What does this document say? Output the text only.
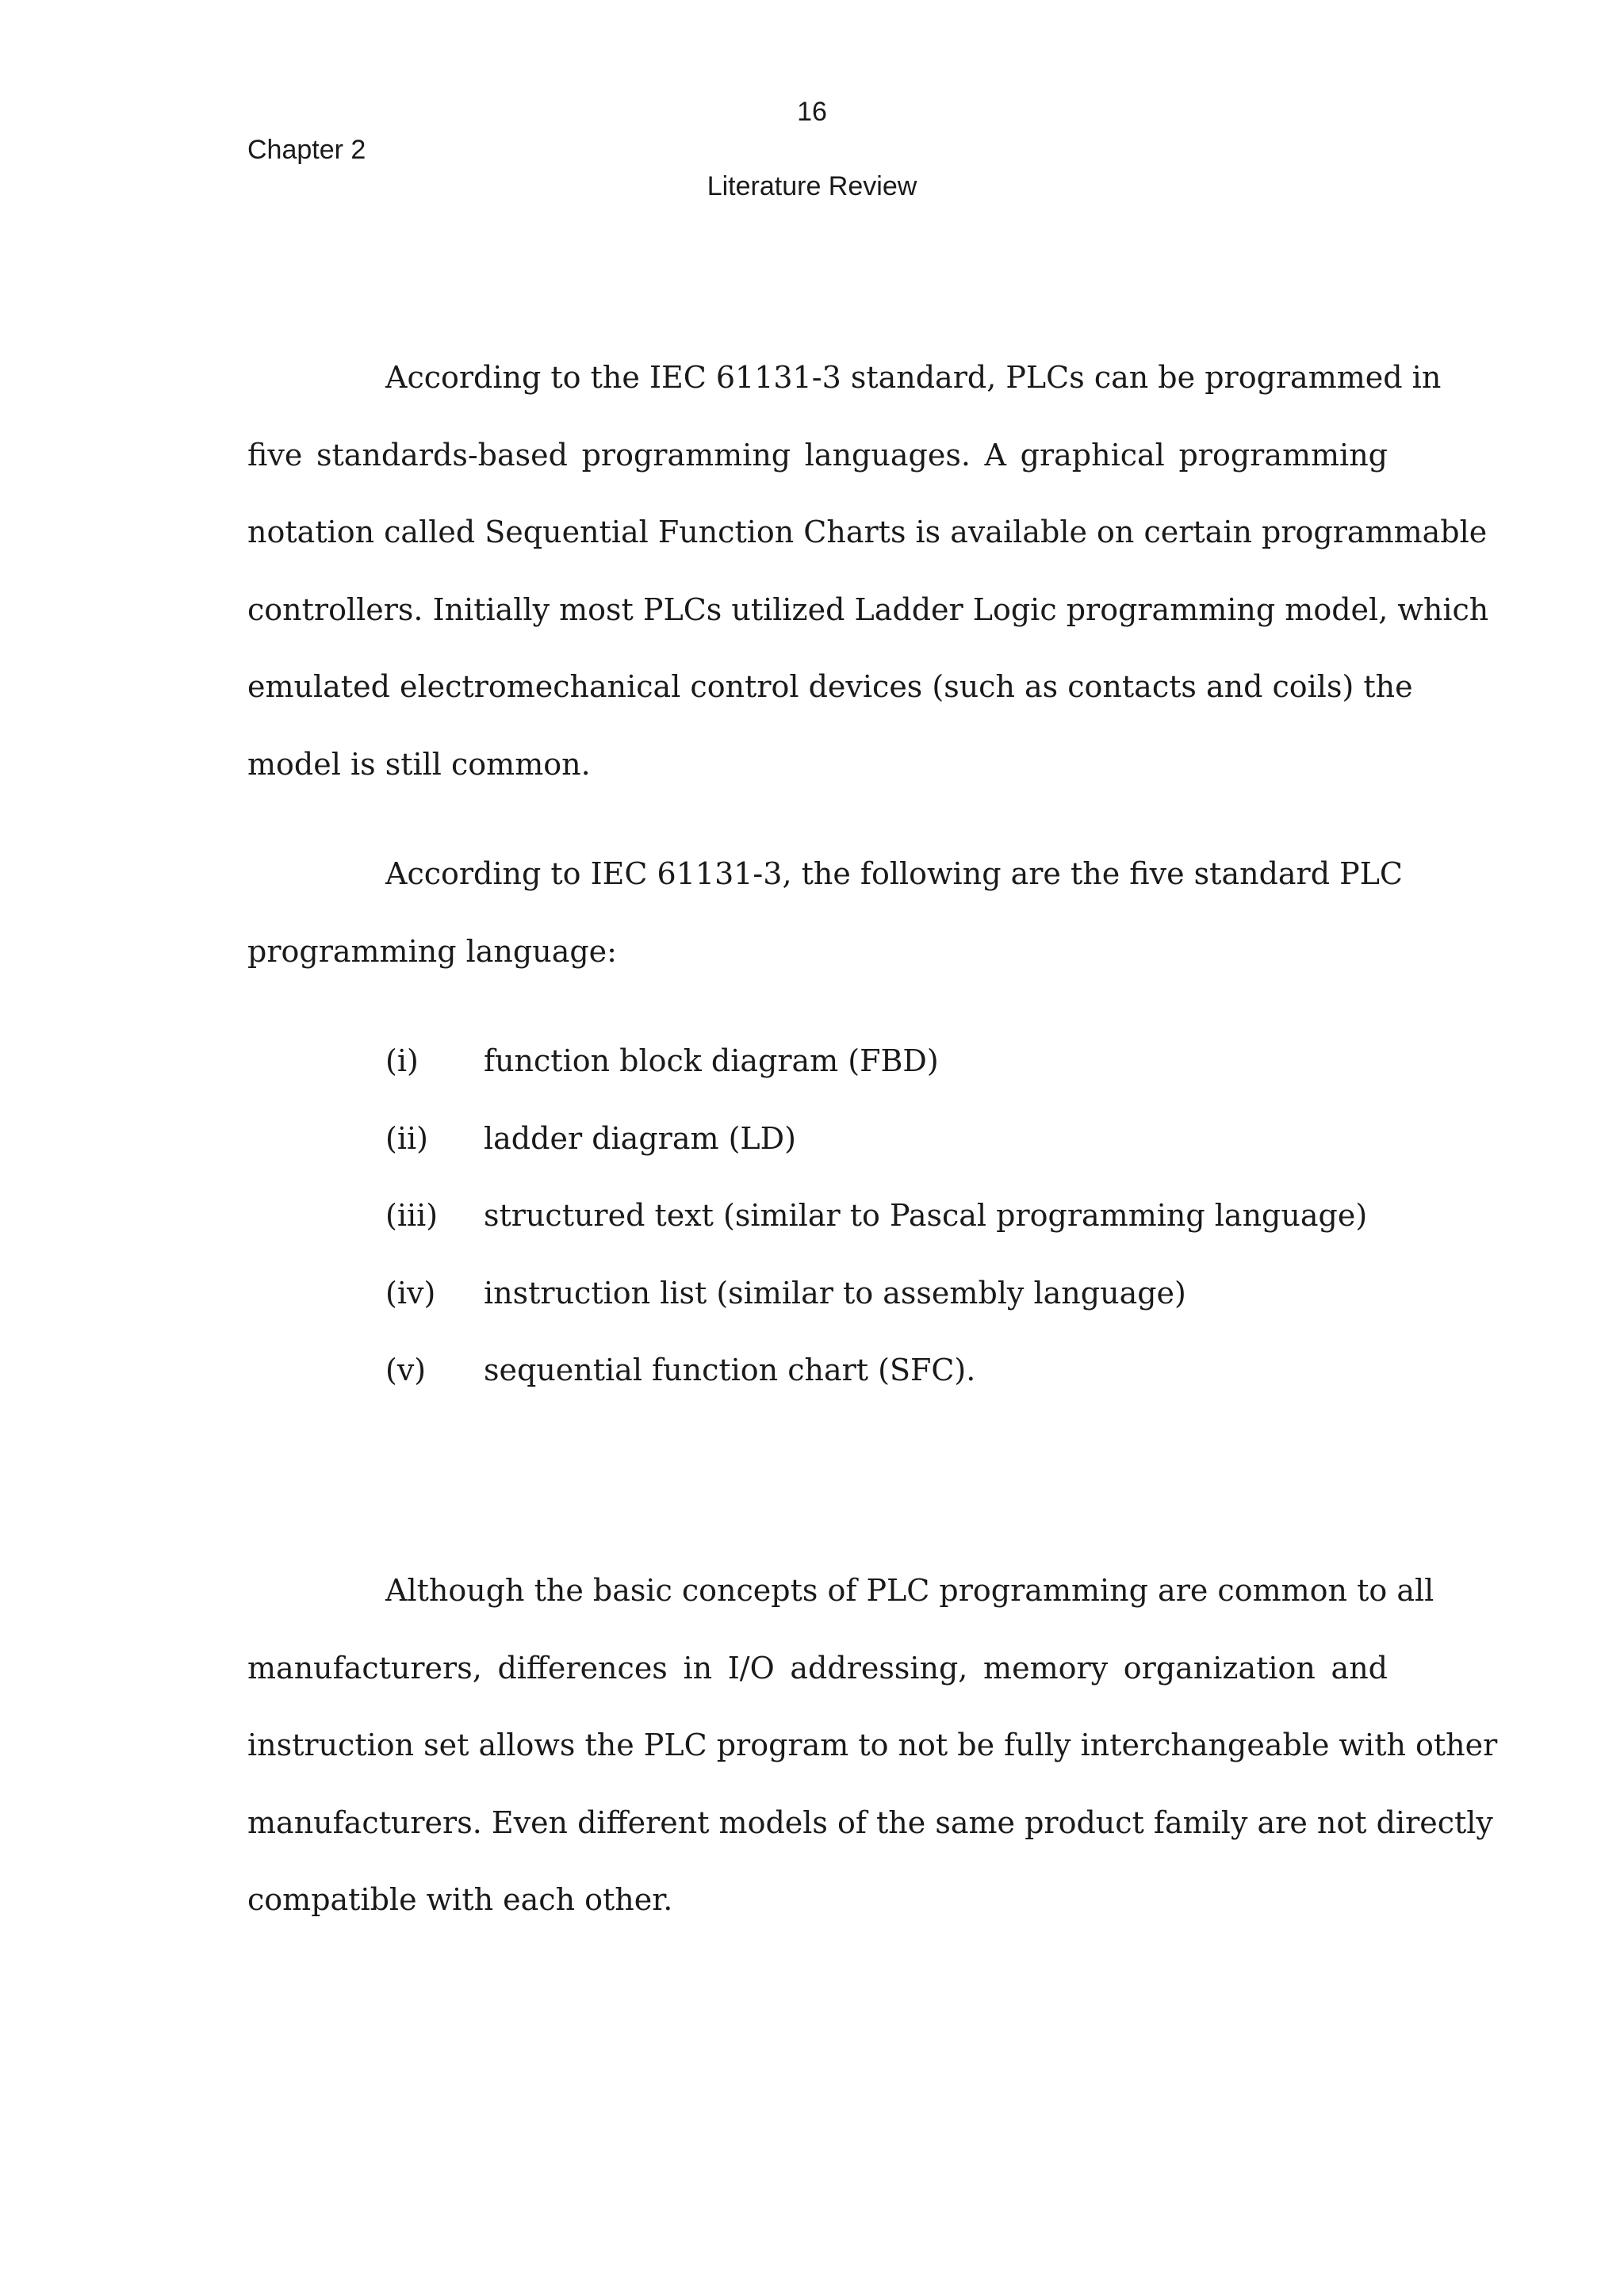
16
Chapter 2
Literature Review
According to the IEC 61131-3 standard, PLCs can be programmed in
five standards-based programming languages. A graphical programming
notation called Sequential Function Charts is available on certain programmable
controllers. Initially most PLCs utilized Ladder Logic programming model, which
emulated electromechanical control devices (such as contacts and coils) the
model is still common.
According to IEC 61131-3, the following are the five standard PLC
programming language:
(i)	function block diagram (FBD)
(ii)	ladder diagram (LD)
(iii)	structured text (similar to Pascal programming language)
(iv)	instruction list (similar to assembly language)
(v)	sequential function chart (SFC).
Although the basic concepts of PLC programming are common to all
manufacturers, differences in I/O addressing, memory organization and
instruction set allows the PLC program to not be fully interchangeable with other
manufacturers. Even different models of the same product family are not directly
compatible with each other.
